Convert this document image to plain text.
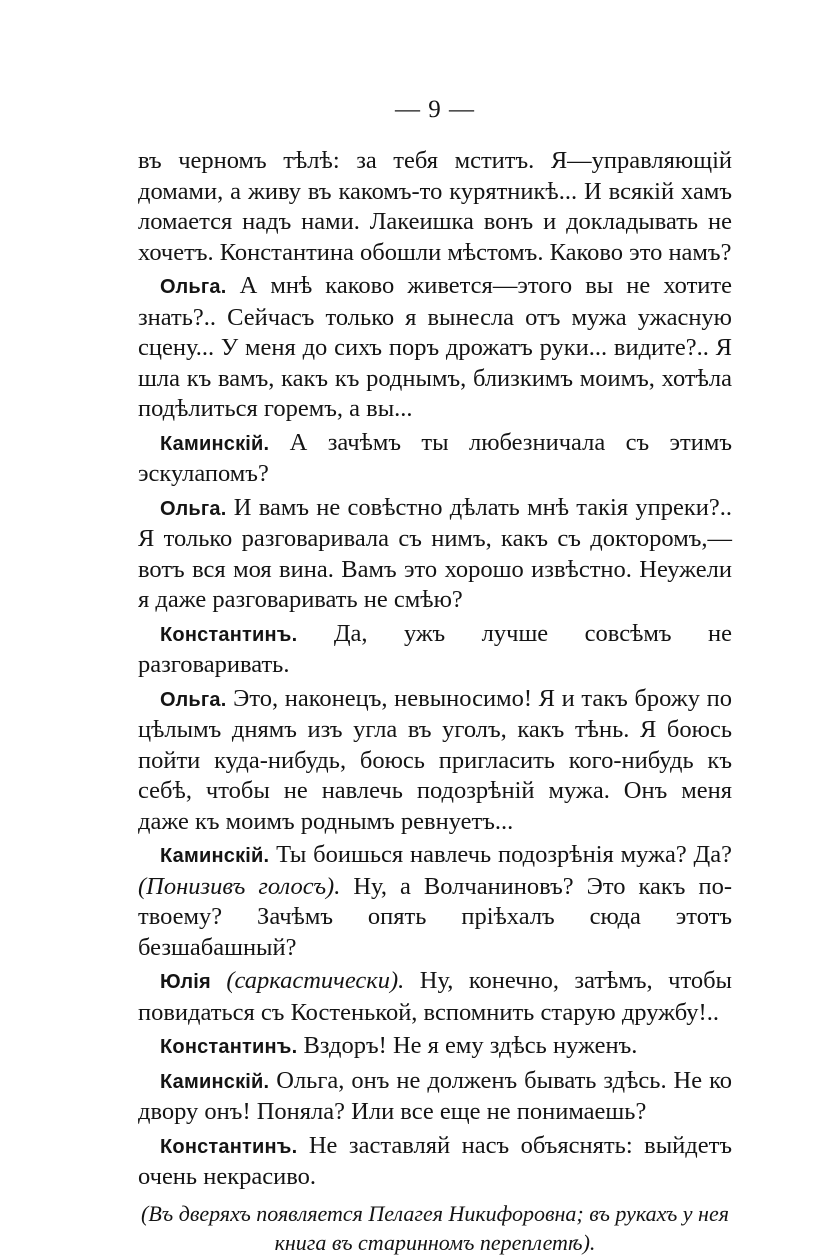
— 9 —

въ черномъ тѣлѣ: за тебя мститъ. Я—управляющій домами, а живу въ какомъ-то курятникѣ... И всякій хамъ ломается надъ нами. Лакеишка вонъ и докладывать не хочетъ. Константина обошли мѣстомъ. Каково это намъ?

Ольга. А мнѣ каково живется—этого вы не хотите знать?.. Сейчасъ только я вынесла отъ мужа ужасную сцену... У меня до сихъ поръ дрожатъ руки... видите?.. Я шла къ вамъ, какъ къ роднымъ, близкимъ моимъ, хотѣла подѣлиться горемъ, а вы...

Каминскій. А зачѣмъ ты любезничала съ этимъ эскулапомъ?

Ольга. И вамъ не совѣстно дѣлать мнѣ такія упреки?.. Я только разговаривала съ нимъ, какъ съ докторомъ,— вотъ вся моя вина. Вамъ это хорошо извѣстно. Неужели я даже разговаривать не смѣю?

Константинъ. Да, ужъ лучше совсѣмъ не разговаривать.

Ольга. Это, наконецъ, невыносимо! Я и такъ брожу по цѣлымъ днямъ изъ угла въ уголъ, какъ тѣнь. Я боюсь пойти куда-нибудь, боюсь пригласить кого-нибудь къ себѣ, чтобы не навлечь подозрѣній мужа. Онъ меня даже къ моимъ роднымъ ревнуетъ...

Каминскій. Ты боишься навлечь подозрѣнія мужа? Да? (Понизивъ голосъ). Ну, а Волчаниновъ? Это какъ по-твоему? Зачѣмъ опять пріѣхалъ сюда этотъ безшабашный?

Юлія (саркастически). Ну, конечно, затѣмъ, чтобы повидаться съ Костенькой, вспомнить старую дружбу!..

Константинъ. Вздоръ! Не я ему здѣсь нуженъ.

Каминскій. Ольга, онъ не долженъ бывать здѣсь. Не ко двору онъ! Поняла? Или все еще не понимаешь?

Константинъ. Не заставляй насъ объяснять: выйдетъ очень некрасиво.

(Въ дверяхъ появляется Пелагея Никифоровна; въ рукахъ у нея книга въ старинномъ переплетѣ).
